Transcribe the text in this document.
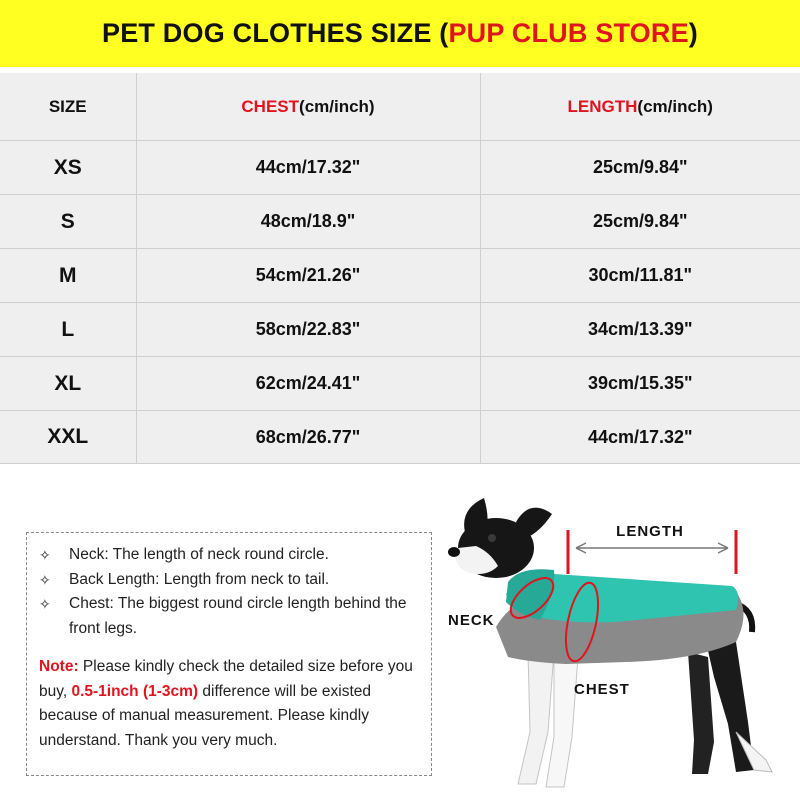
PET DOG CLOTHES SIZE ( PUP CLUB STORE )
SIZE	CHEST(cm/inch)	LENGTH(cm/inch)
XS	44cm/17.32"	25cm/9.84"
S	48cm/18.9"	25cm/9.84"
M	54cm/21.26"	30cm/11.81"
L	58cm/22.83"	34cm/13.39"
XL	62cm/24.41"	39cm/15.35"
XXL	68cm/26.77"	44cm/17.32"
✧	Neck: The length of neck round circle.
✧	Back Length: Length from neck to tail.
✧	Chest: The biggest round circle length behind the front legs.
Note: Please kindly check the detailed size before you buy, 0.5-1inch (1-3cm) difference will be existed because of manual measurement. Please kindly understand. Thank you very much.
LENGTH
NECK
CHEST
